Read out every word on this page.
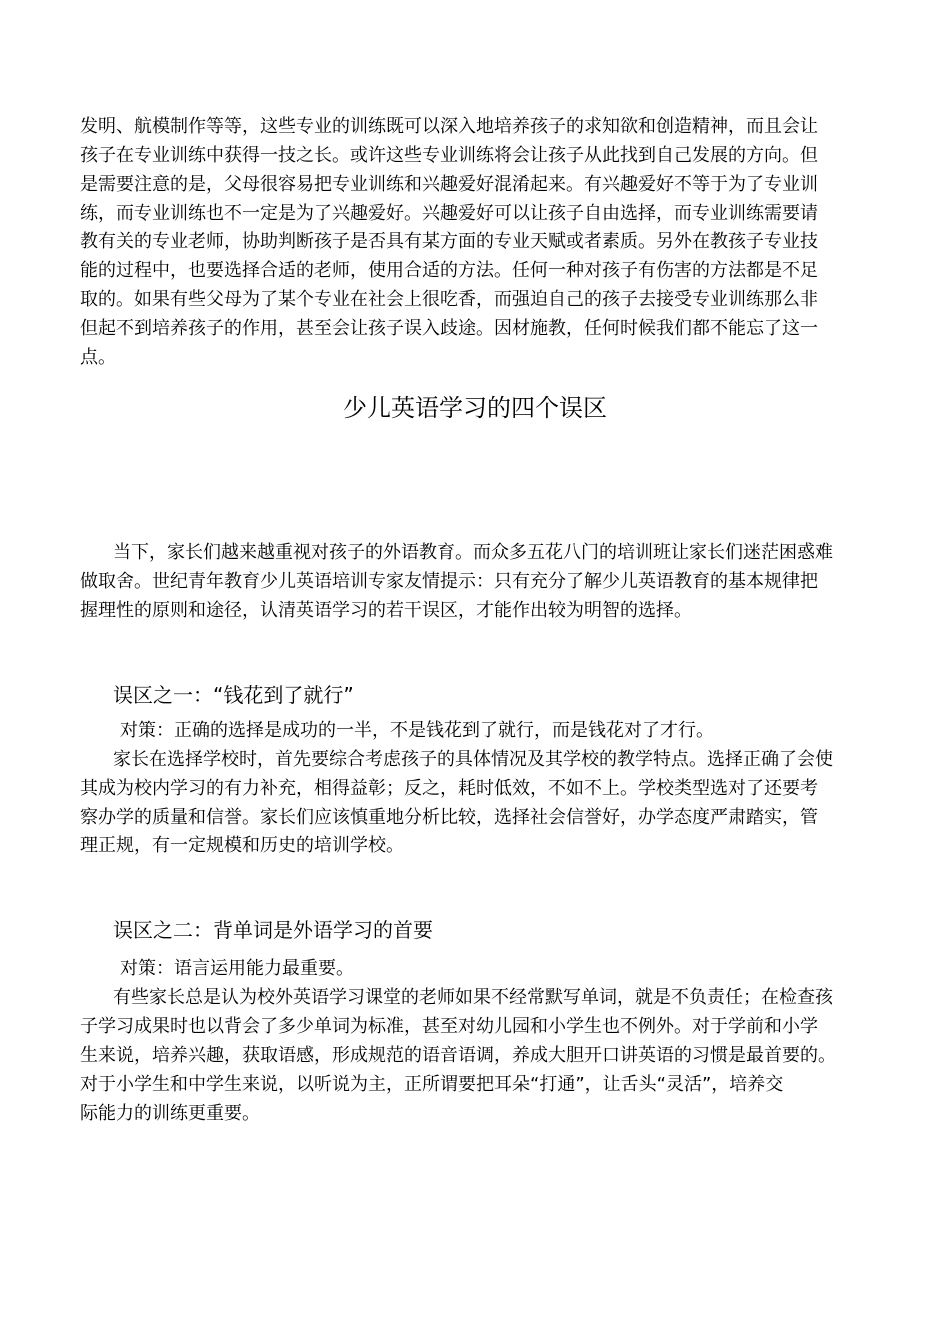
发明、航模制作等等，这些专业的训练既可以深入地培养孩子的求知欲和创造精神，而且会让
孩子在专业训练中获得一技之长。或许这些专业训练将会让孩子从此找到自己发展的方向。但
是需要注意的是，父母很容易把专业训练和兴趣爱好混淆起来。有兴趣爱好不等于为了专业训
练，而专业训练也不一定是为了兴趣爱好。兴趣爱好可以让孩子自由选择，而专业训练需要请
教有关的专业老师，协助判断孩子是否具有某方面的专业天赋或者素质。另外在教孩子专业技
能的过程中，也要选择合适的老师，使用合适的方法。任何一种对孩子有伤害的方法都是不足
取的。如果有些父母为了某个专业在社会上很吃香，而强迫自己的孩子去接受专业训练那么非
但起不到培养孩子的作用，甚至会让孩子误入歧途。因材施教，任何时候我们都不能忘了这一
点。
少儿英语学习的四个误区
当下，家长们越来越重视对孩子的外语教育。而众多五花八门的培训班让家长们迷茫困惑难
做取舍。世纪青年教育少儿英语培训专家友情提示：只有充分了解少儿英语教育的基本规律把
握理性的原则和途径，认清英语学习的若干误区，才能作出较为明智的选择。
误区之一：“钱花到了就行”
对策：正确的选择是成功的一半，不是钱花到了就行，而是钱花对了才行。
家长在选择学校时，首先要综合考虑孩子的具体情况及其学校的教学特点。选择正确了会使
其成为校内学习的有力补充，相得益彰；反之，耗时低效，不如不上。学校类型选对了还要考
察办学的质量和信誉。家长们应该慎重地分析比较，选择社会信誉好，办学态度严肃踏实，管
理正规，有一定规模和历史的培训学校。
误区之二：背单词是外语学习的首要
对策：语言运用能力最重要。
有些家长总是认为校外英语学习课堂的老师如果不经常默写单词，就是不负责任；在检查孩
子学习成果时也以背会了多少单词为标准，甚至对幼儿园和小学生也不例外。对于学前和小学
生来说，培养兴趣，获取语感，形成规范的语音语调，养成大胆开口讲英语的习惯是最首要的。
对于小学生和中学生来说，以听说为主，正所谓要把耳朵“打通”，让舌头“灵活”，培养交
际能力的训练更重要。
